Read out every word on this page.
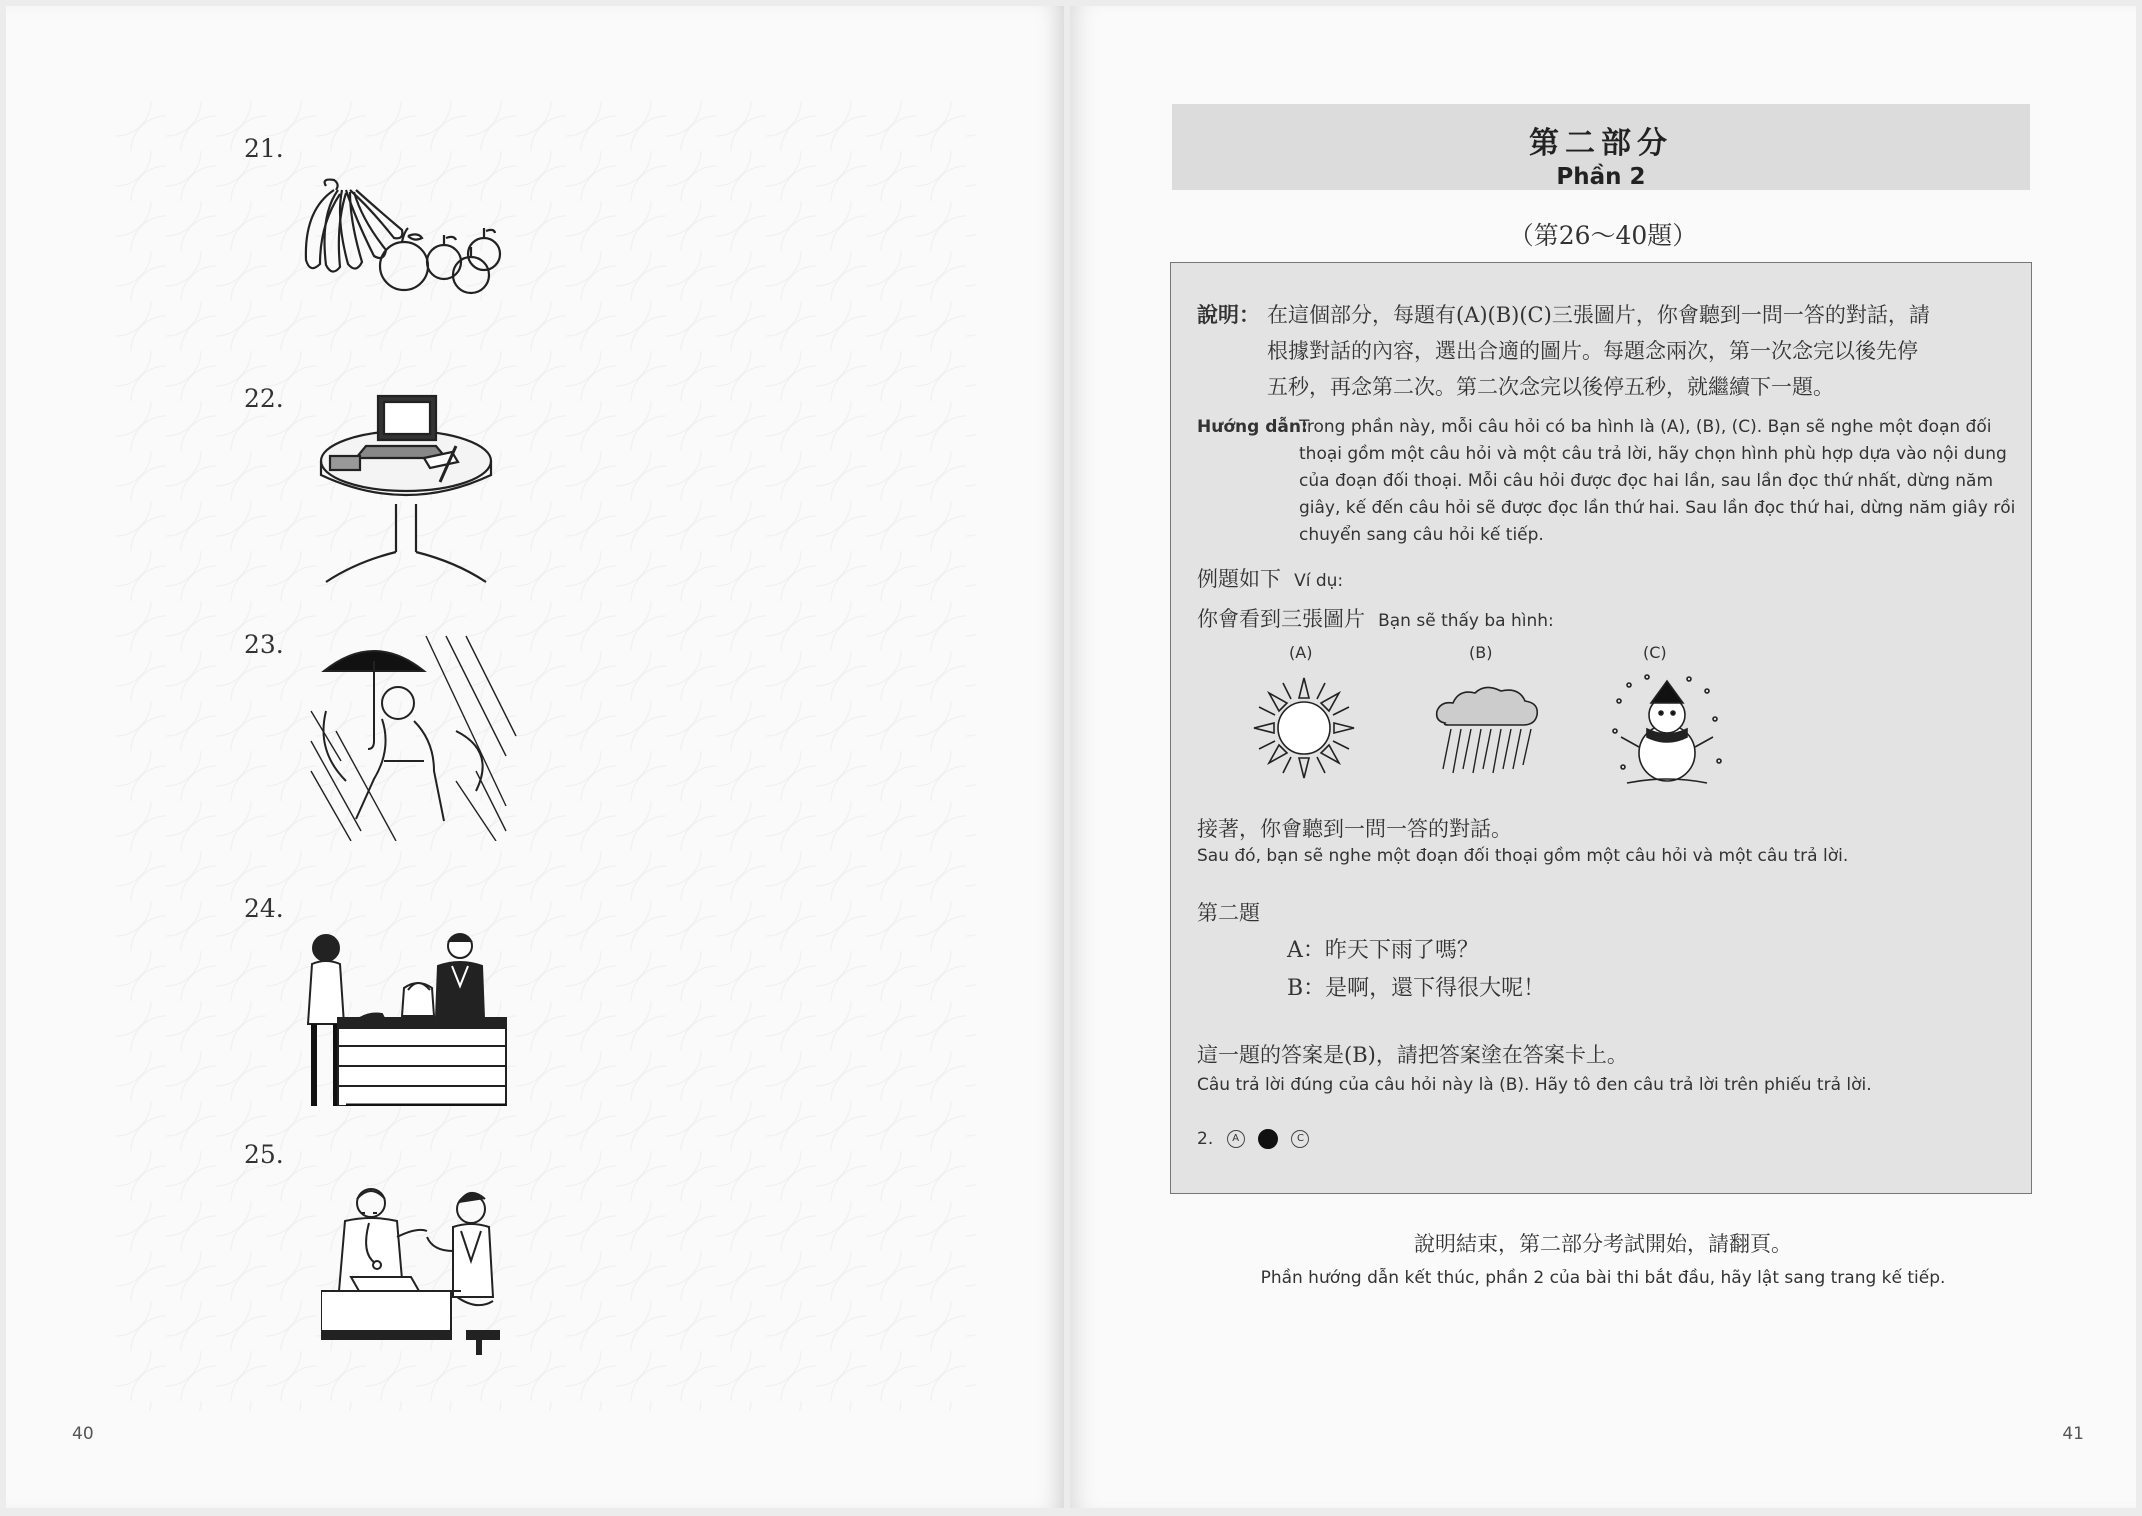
21.
22.
23.
24.
25.
40
第二部分
Phần 2
（第26～40題）
說明： 在這個部分，每題有(A)(B)(C)三張圖片，你會聽到一問一答的對話，請
根據對話的內容，選出合適的圖片。每題念兩次，第一次念完以後先停
五秒，再念第二次。第二次念完以後停五秒，就繼續下一題。
Hướng dẫn:
Trong phần này, mỗi câu hỏi có ba hình là (A), (B), (C). Bạn sẽ nghe một đoạn đối
thoại gồm một câu hỏi và một câu trả lời, hãy chọn hình phù hợp dựa vào nội dung
của đoạn đối thoại. Mỗi câu hỏi được đọc hai lần, sau lần đọc thứ nhất, dừng năm
giây, kế đến câu hỏi sẽ được đọc lần thứ hai. Sau lần đọc thứ hai, dừng năm giây rồi
chuyển sang câu hỏi kế tiếp.
例題如下 Ví dụ:
你會看到三張圖片 Bạn sẽ thấy ba hình:
(A)	(B)	(C)
接著，你會聽到一問一答的對話。
Sau đó, bạn sẽ nghe một đoạn đối thoại gồm một câu hỏi và một câu trả lời.
第二題
A：昨天下雨了嗎？
B：是啊，還下得很大呢！
這一題的答案是(B)，請把答案塗在答案卡上。
Câu trả lời đúng của câu hỏi này là (B). Hãy tô đen câu trả lời trên phiếu trả lời.
2. A	C
說明結束，第二部分考試開始，請翻頁。
Phần hướng dẫn kết thúc, phần 2 của bài thi bắt đầu, hãy lật sang trang kế tiếp.
41
